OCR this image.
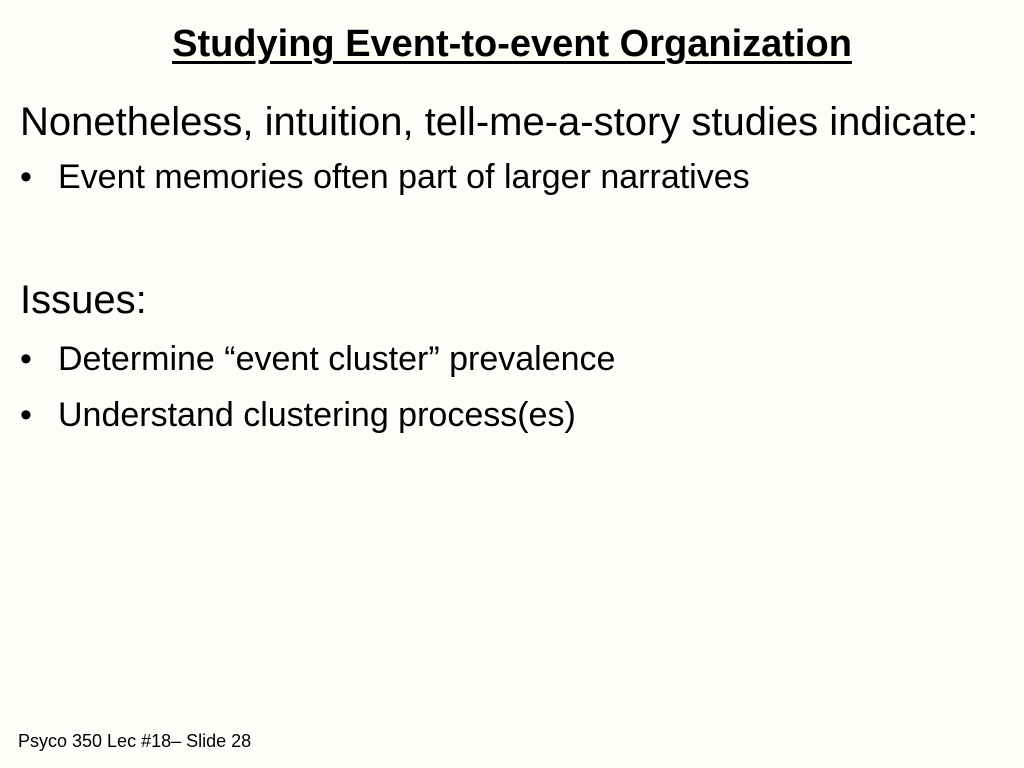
Studying Event-to-event Organization

Nonetheless, intuition, tell-me-a-story studies indicate:

• Event memories often part of larger narratives

Issues:

• Determine “event cluster” prevalence
• Understand clustering process(es)
Psyco 350 Lec #18– Slide 28
